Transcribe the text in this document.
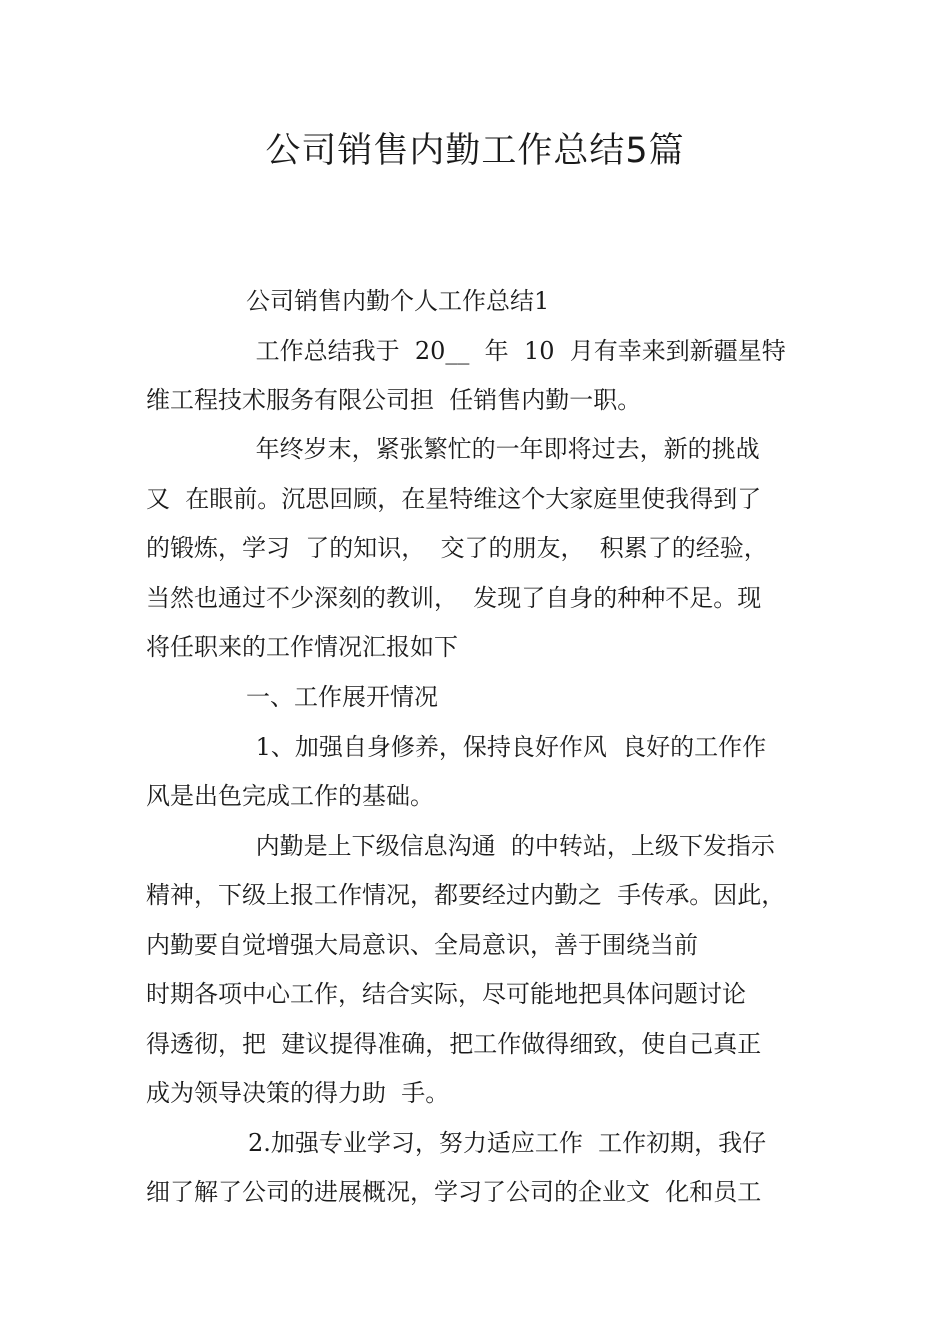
公司销售内勤工作总结5篇

公司销售内勤个人工作总结1

工作总结我于  20__  年  10  月有幸来到新疆星特

维工程技术服务有限公司担  任销售内勤一职。

年终岁末，紧张繁忙的一年即将过去，新的挑战

又  在眼前。沉思回顾，在星特维这个大家庭里使我得到了

的锻炼，学习  了的知识，  交了的朋友，  积累了的经验，

当然也通过不少深刻的教训，  发现了自身的种种不足。现

将任职来的工作情况汇报如下

一、工作展开情况

1、加强自身修养，保持良好作风  良好的工作作

风是出色完成工作的基础。

内勤是上下级信息沟通  的中转站，上级下发指示

精神，下级上报工作情况，都要经过内勤之  手传承。因此，

内勤要自觉增强大局意识、全局意识，善于围绕当前

时期各项中心工作，结合实际，尽可能地把具体问题讨论

得透彻，把  建议提得准确，把工作做得细致，使自己真正

成为领导决策的得力助  手。

2.加强专业学习，努力适应工作  工作初期，我仔

细了解了公司的进展概况，学习了公司的企业文  化和员工
